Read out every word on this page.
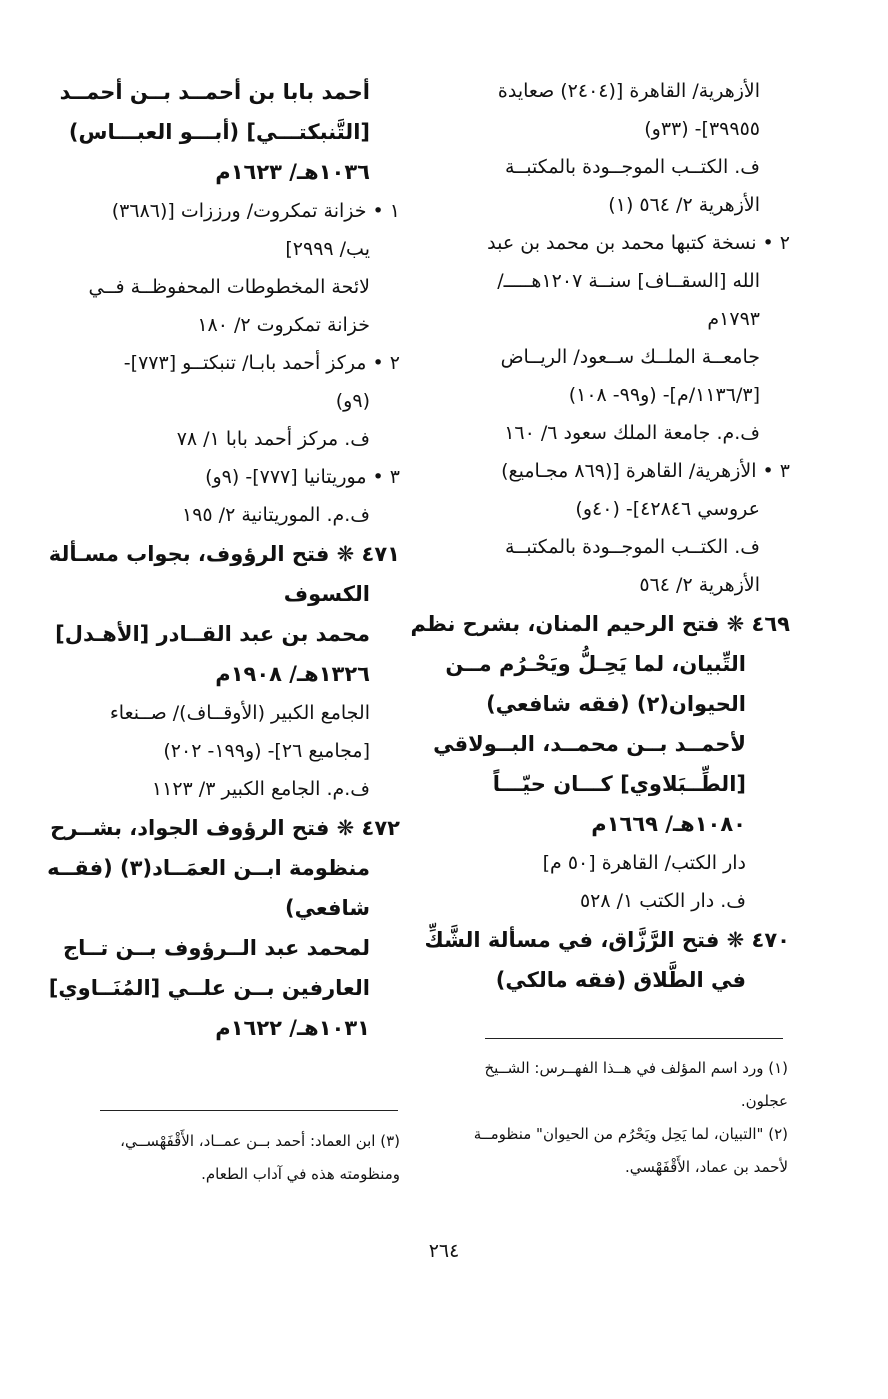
الأزهرية/ القاهرة [(٢٤٠٤) صعايدة
٣٩٩٥٥]- (٣٣و)
ف. الكتــب الموجــودة بالمكتبــة
الأزهرية ٢/ ٥٦٤ (١)
٢ • نسخة كتبها محمد بن محمد بن عبد
الله [السقــاف] سنــة ١٢٠٧هـــــ/
١٧٩٣م
جامعــة الملــك ســعود/ الريــاض
[١١٣٦/٣/م]- (و٩٩- ١٠٨)
ف.م. جامعة الملك سعود ٦/ ١٦٠
٣ • الأزهرية/ القاهرة [(٨٦٩ مجـاميع)
عروسي ٤٢٨٤٦]- (٤٠و)
ف. الكتــب الموجــودة بالمكتبــة
الأزهرية ٢/ ٥٦٤
٤٦٩ ❋ فتح الرحيم المنان، بشرح نظم
التِّبيان، لما يَحِـلُّ ويَحْـرُم مــن
الحيوان(٢) (فقه شافعي)
لأحمــد بــن محمــد، البــولاقي
[الطِّــبَلاوي] كـــان حيّـــاً
١٠٨٠هـ/ ١٦٦٩م
دار الكتب/ القاهرة [٥٠ م]
ف. دار الكتب ١/ ٥٢٨
٤٧٠ ❋ فتح الرَّزَّاق، في مسألة الشَّكِّ
في الطَّلاق (فقه مالكي)
أحمد بابا بن أحمــد بــن أحمــد
[التَّنبكتـــي] (أبـــو العبـــاس)
١٠٣٦هـ/ ١٦٢٣م
١ • خزانة تمكروت/ ورززات [(٣٦٨٦)
يب/ ٢٩٩٩]
لائحة المخطوطات المحفوظــة فــي
خزانة تمكروت ٢/ ١٨٠
٢ • مركز أحمد بابـا/ تنبكتــو [٧٧٣]-
(٩و)
ف. مركز أحمد بابا ١/ ٧٨
٣ • موريتانيا [٧٧٧]- (٩و)
ف.م. الموريتانية ٢/ ١٩٥
٤٧١ ❋ فتح الرؤوف، بجواب مسـألة
الكسوف
محمد بن عبد القــادر [الأهـدل]
١٣٢٦هـ/ ١٩٠٨م
الجامع الكبير (الأوقــاف)/ صــنعاء
[مجاميع ٢٦]- (و١٩٩- ٢٠٢)
ف.م. الجامع الكبير ٣/ ١١٢٣
٤٧٢ ❋ فتح الرؤوف الجواد، بشــرح
منظومة ابــن العمَــاد(٣) (فقــه
شافعي)
لمحمد عبد الــرؤوف بــن تــاج
العارفين بــن علــي [المُنَــاوي]
١٠٣١هـ/ ١٦٢٢م
(١) ورد اسم المؤلف في هــذا الفهــرس: الشــيخ
عجلون.
(٢) "التبيان، لما يَحِل ويَحْرُم من الحيوان" منظومــة
لأحمد بن عماد، الأَقْفَهْسي.
(٣) ابن العماد: أحمد بــن عمــاد، الأَقْفَهْســي،
ومنظومته هذه في آداب الطعام.
٢٦٤
